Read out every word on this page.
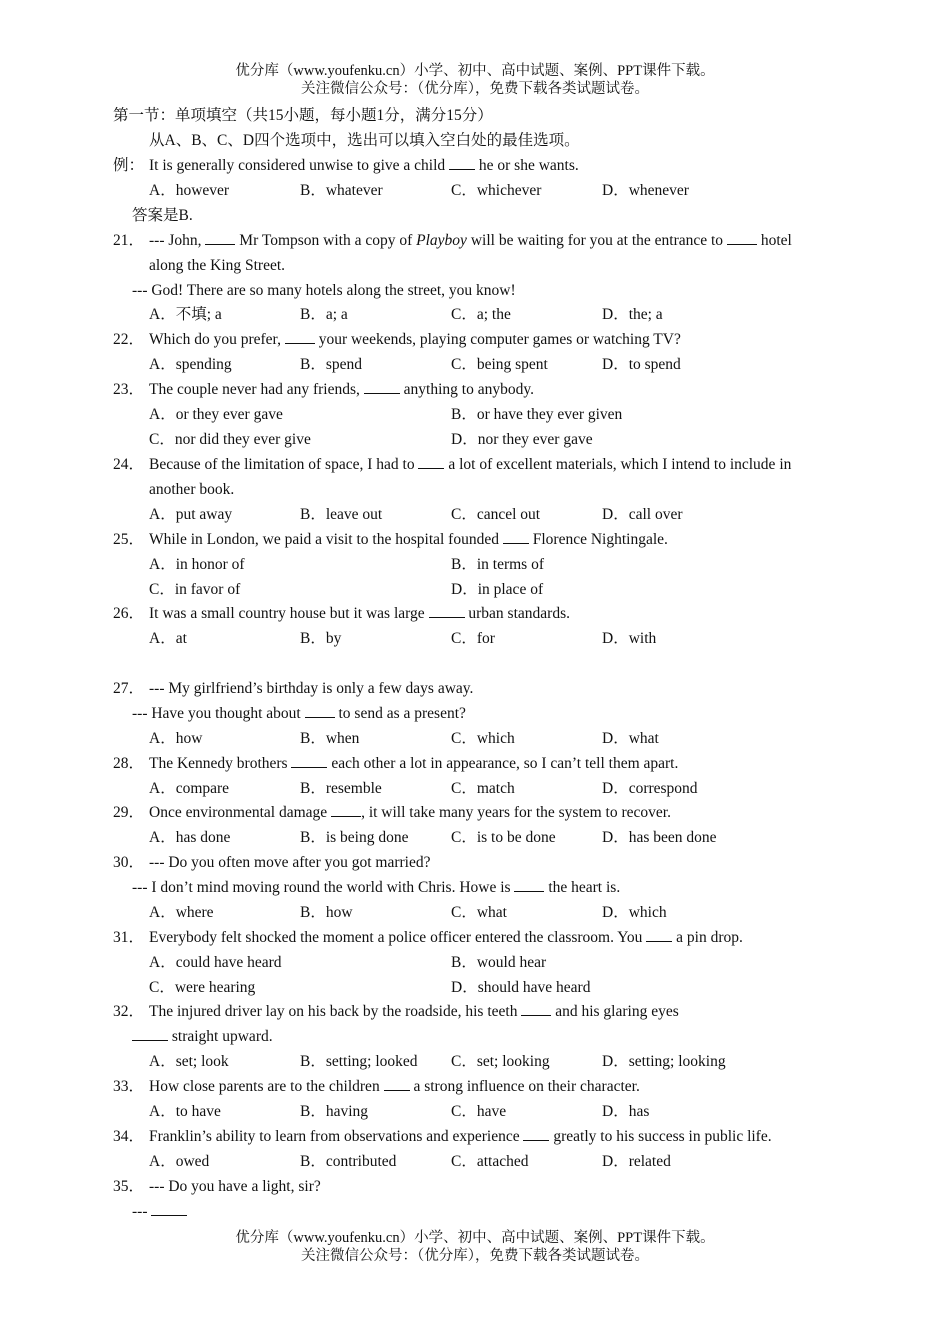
优分库（www.youfenku.cn）小学、初中、高中试题、案例、PPT课件下载。
关注微信公众号：（优分库），免费下载各类试题试卷。
第一节：单项填空（共15小题，每小题1分，满分15分）
从A、B、C、D四个选项中，选出可以填入空白处的最佳选项。
例： It is generally considered unwise to give a child  he or she wants.
A．however	B．whatever	C．whichever	D．whenever
答案是B.
21． --- John,  Mr Tompson with a copy of Playboy will be waiting for you at the entrance to  hotel
along the King Street.
--- God! There are so many hotels along the street, you know!
A．不填; a	B．a; a	C．a; the	D．the; a
22． Which do you prefer,  your weekends, playing computer games or watching TV?
A．spending	B．spend	C．being spent	D．to spend
23． The couple never had any friends,  anything to anybody.
A．or they ever gave	B．or have they ever given
C．nor did they ever give	D．nor they ever gave
24． Because of the limitation of space, I had to  a lot of excellent materials, which I intend to include in
another book.
A．put away	B．leave out	C．cancel out	D．call over
25． While in London, we paid a visit to the hospital founded  Florence Nightingale.
A．in honor of	B．in terms of
C．in favor of	D．in place of
26． It was a small country house but it was large  urban standards.
A．at	B．by	C．for	D．with
27． --- My girlfriend’s birthday is only a few days away.
--- Have you thought about  to send as a present?
A．how	B．when	C．which	D．what
28． The Kennedy brothers  each other a lot in appearance, so I can’t tell them apart.
A．compare	B．resemble	C．match	D．correspond
29． Once environmental damage , it will take many years for the system to recover.
A．has done	B．is being done	C．is to be done	D．has been done
30． --- Do you often move after you got married?
--- I don’t mind moving round the world with Chris. Howe is  the heart is.
A．where	B．how	C．what	D．which
31． Everybody felt shocked the moment a police officer entered the classroom. You  a pin drop.
A．could have heard	B．would hear
C．were hearing	D．should have heard
32． The injured driver lay on his back by the roadside, his teeth  and his glaring eyes
straight upward.
A．set; look	B．setting; looked C．set; looking	D．setting; looking
33． How close parents are to the children  a strong influence on their character.
A．to have	B．having	C．have	D．has
34． Franklin’s ability to learn from observations and experience  greatly to his success in public life.
A．owed	B．contributed	C．attached	D．related
35． --- Do you have a light, sir?
---
优分库（www.youfenku.cn）小学、初中、高中试题、案例、PPT课件下载。
关注微信公众号：（优分库），免费下载各类试题试卷。
